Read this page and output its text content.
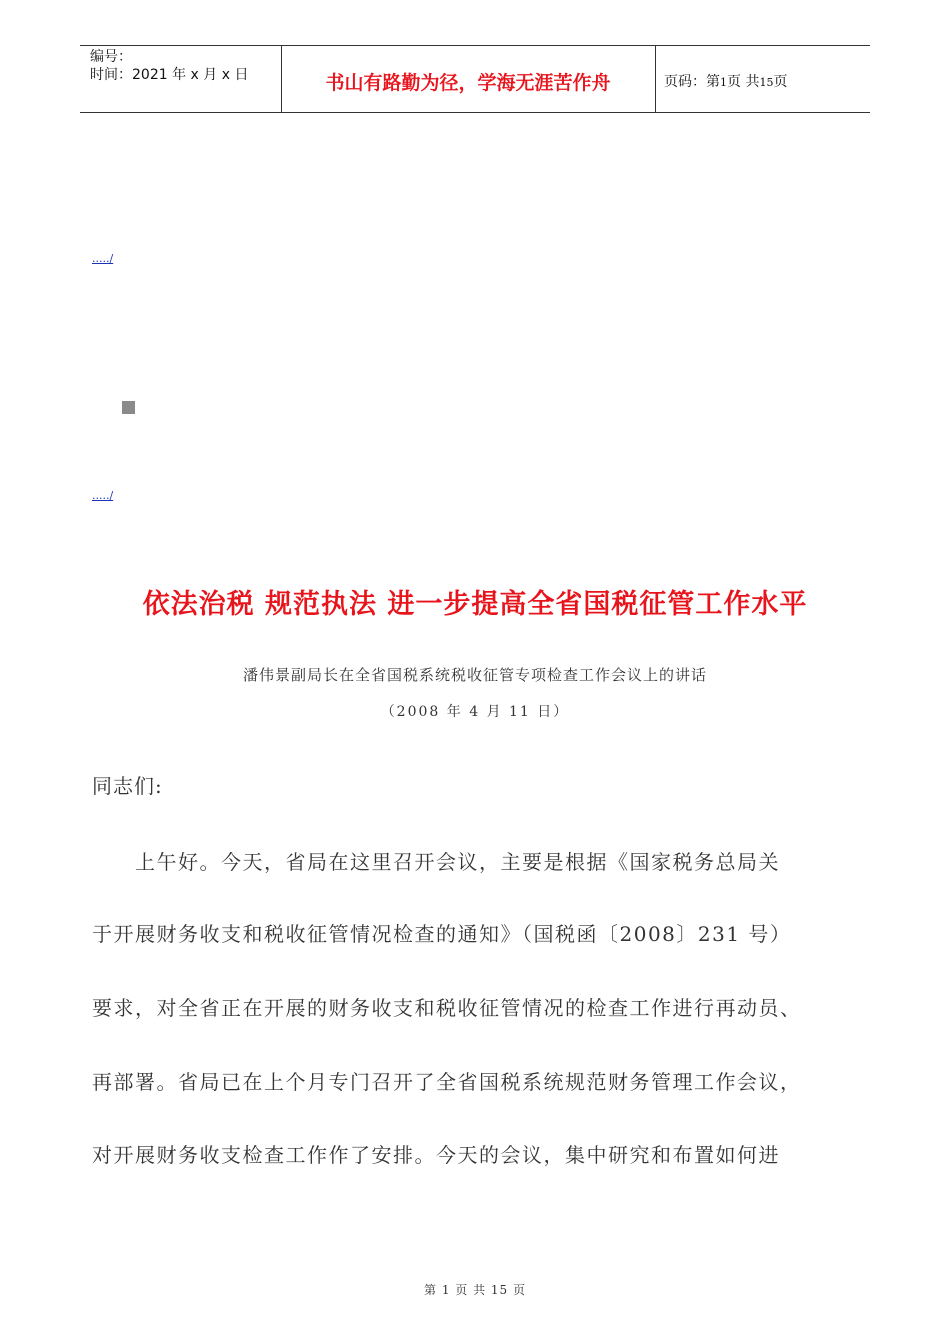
编号：
时间：2021 年 x 月 x 日	书山有路勤为径，学海无涯苦作舟	页码：第1页 共15页
...../
...../
依法治税 规范执法 进一步提高全省国税征管工作水平
潘伟景副局长在全省国税系统税收征管专项检查工作会议上的讲话
（2008 年 4 月 11 日）
同志们:
　　上午好。今天，省局在这里召开会议，主要是根据《国家税务总局关
于开展财务收支和税收征管情况检查的通知》（国税函〔2008〕231 号）
要求，对全省正在开展的财务收支和税收征管情况的检查工作进行再动员、
再部署。省局已在上个月专门召开了全省国税系统规范财务管理工作会议，
对开展财务收支检查工作作了安排。今天的会议，集中研究和布置如何进
第 1 页 共 15 页
